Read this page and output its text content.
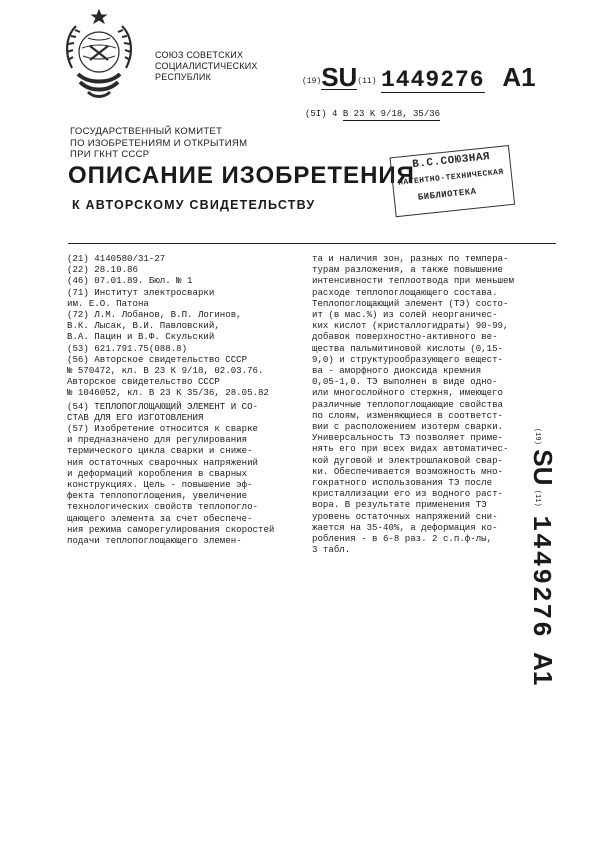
СОЮЗ СОВЕТСКИХ
СОЦИАЛИСТИЧЕСКИХ
РЕСПУБЛИК	(19)SU(11) 1449276 A1
(5I) 4 B 23 K 9/18, 35/36
ГОСУДАРСТВЕННЫЙ КОМИТЕТ
ПО ИЗОБРЕТЕНИЯМ И ОТКРЫТИЯМ
ПРИ ГКНТ СССР
ОПИСАНИЕ ИЗОБРЕТЕНИЯ
К АВТОРСКОМУ СВИДЕТЕЛЬСТВУ
В.С.СОЮЗНАЯ
ПАТЕНТНО-ТЕХНИЧЕСКАЯ
БИБЛИОТЕКА
(21) 4140580/31-27
(22) 28.10.86
(46) 07.01.89. Бюл. № 1
(71) Институт электросварки
им. Е.О. Патона
(72) Л.М. Лобанов, В.П. Логинов,
В.К. Лысак, В.И. Павловский,
В.А. Пацин и В.Ф. Скульский
(53) 621.791.75(088.8)
(56) Авторское свидетельство СССР
№ 570472, кл. В 23 К 9/18, 02.03.76.
Авторское свидетельство СССР
№ 1046052, кл. В 23 К 35/36, 28.05.82
(54) ТЕПЛОПОГЛОЩАЮЩИЙ ЭЛЕМЕНТ И СО-
СТАВ ДЛЯ ЕГО ИЗГОТОВЛЕНИЯ
(57) Изобретение относится к сварке
и предназначено для регулирования
термического цикла сварки и сниже-
ния остаточных сварочных напряжений
и деформаций коробления в сварных
конструкциях. Цель - повышение эф-
фекта теплопоглощения, увеличение
технологических свойств теплопогло-
щающего элемента за счет обеспече-
ния режима саморегулирования скоростей
подачи теплопоглощающего элемен-
та и наличия зон, разных по темпера-
турам разложения, а также повышение
интенсивности теплоотвода при меньшем
расходе теплопоглощающего состава.
Теплопоглощающий элемент (ТЭ) состо-
ит (в мас.%) из солей неорганичес-
ких кислот (кристаллогидраты) 90-99,
добавок поверхностно-активного ве-
щества пальмитиновой кислоты (0,15-
9,0) и структурообразующего вещест-
ва - аморфного диоксида кремния
0,05-1,0. ТЭ выполнен в виде одно-
или многослойного стержня, имеющего
различные теплопоглощающие свойства
по слоям, изменяющиеся в соответст-
вии с расположением изотерм сварки.
Универсальность ТЭ позволяет приме-
нять его при всех видах автоматичес-
кой дуговой и электрошлаковой свар-
ки. Обеспечивается возможность мно-
гократного использования ТЭ после
кристаллизации его из водного раст-
вора. В результате применения ТЭ
уровень остаточных напряжений сни-
жается на 35-40%, а деформация ко-
робления - в 6-8 раз. 2 с.п.ф-лы,
3 табл.
(19) SU (11)  1449276   A1
